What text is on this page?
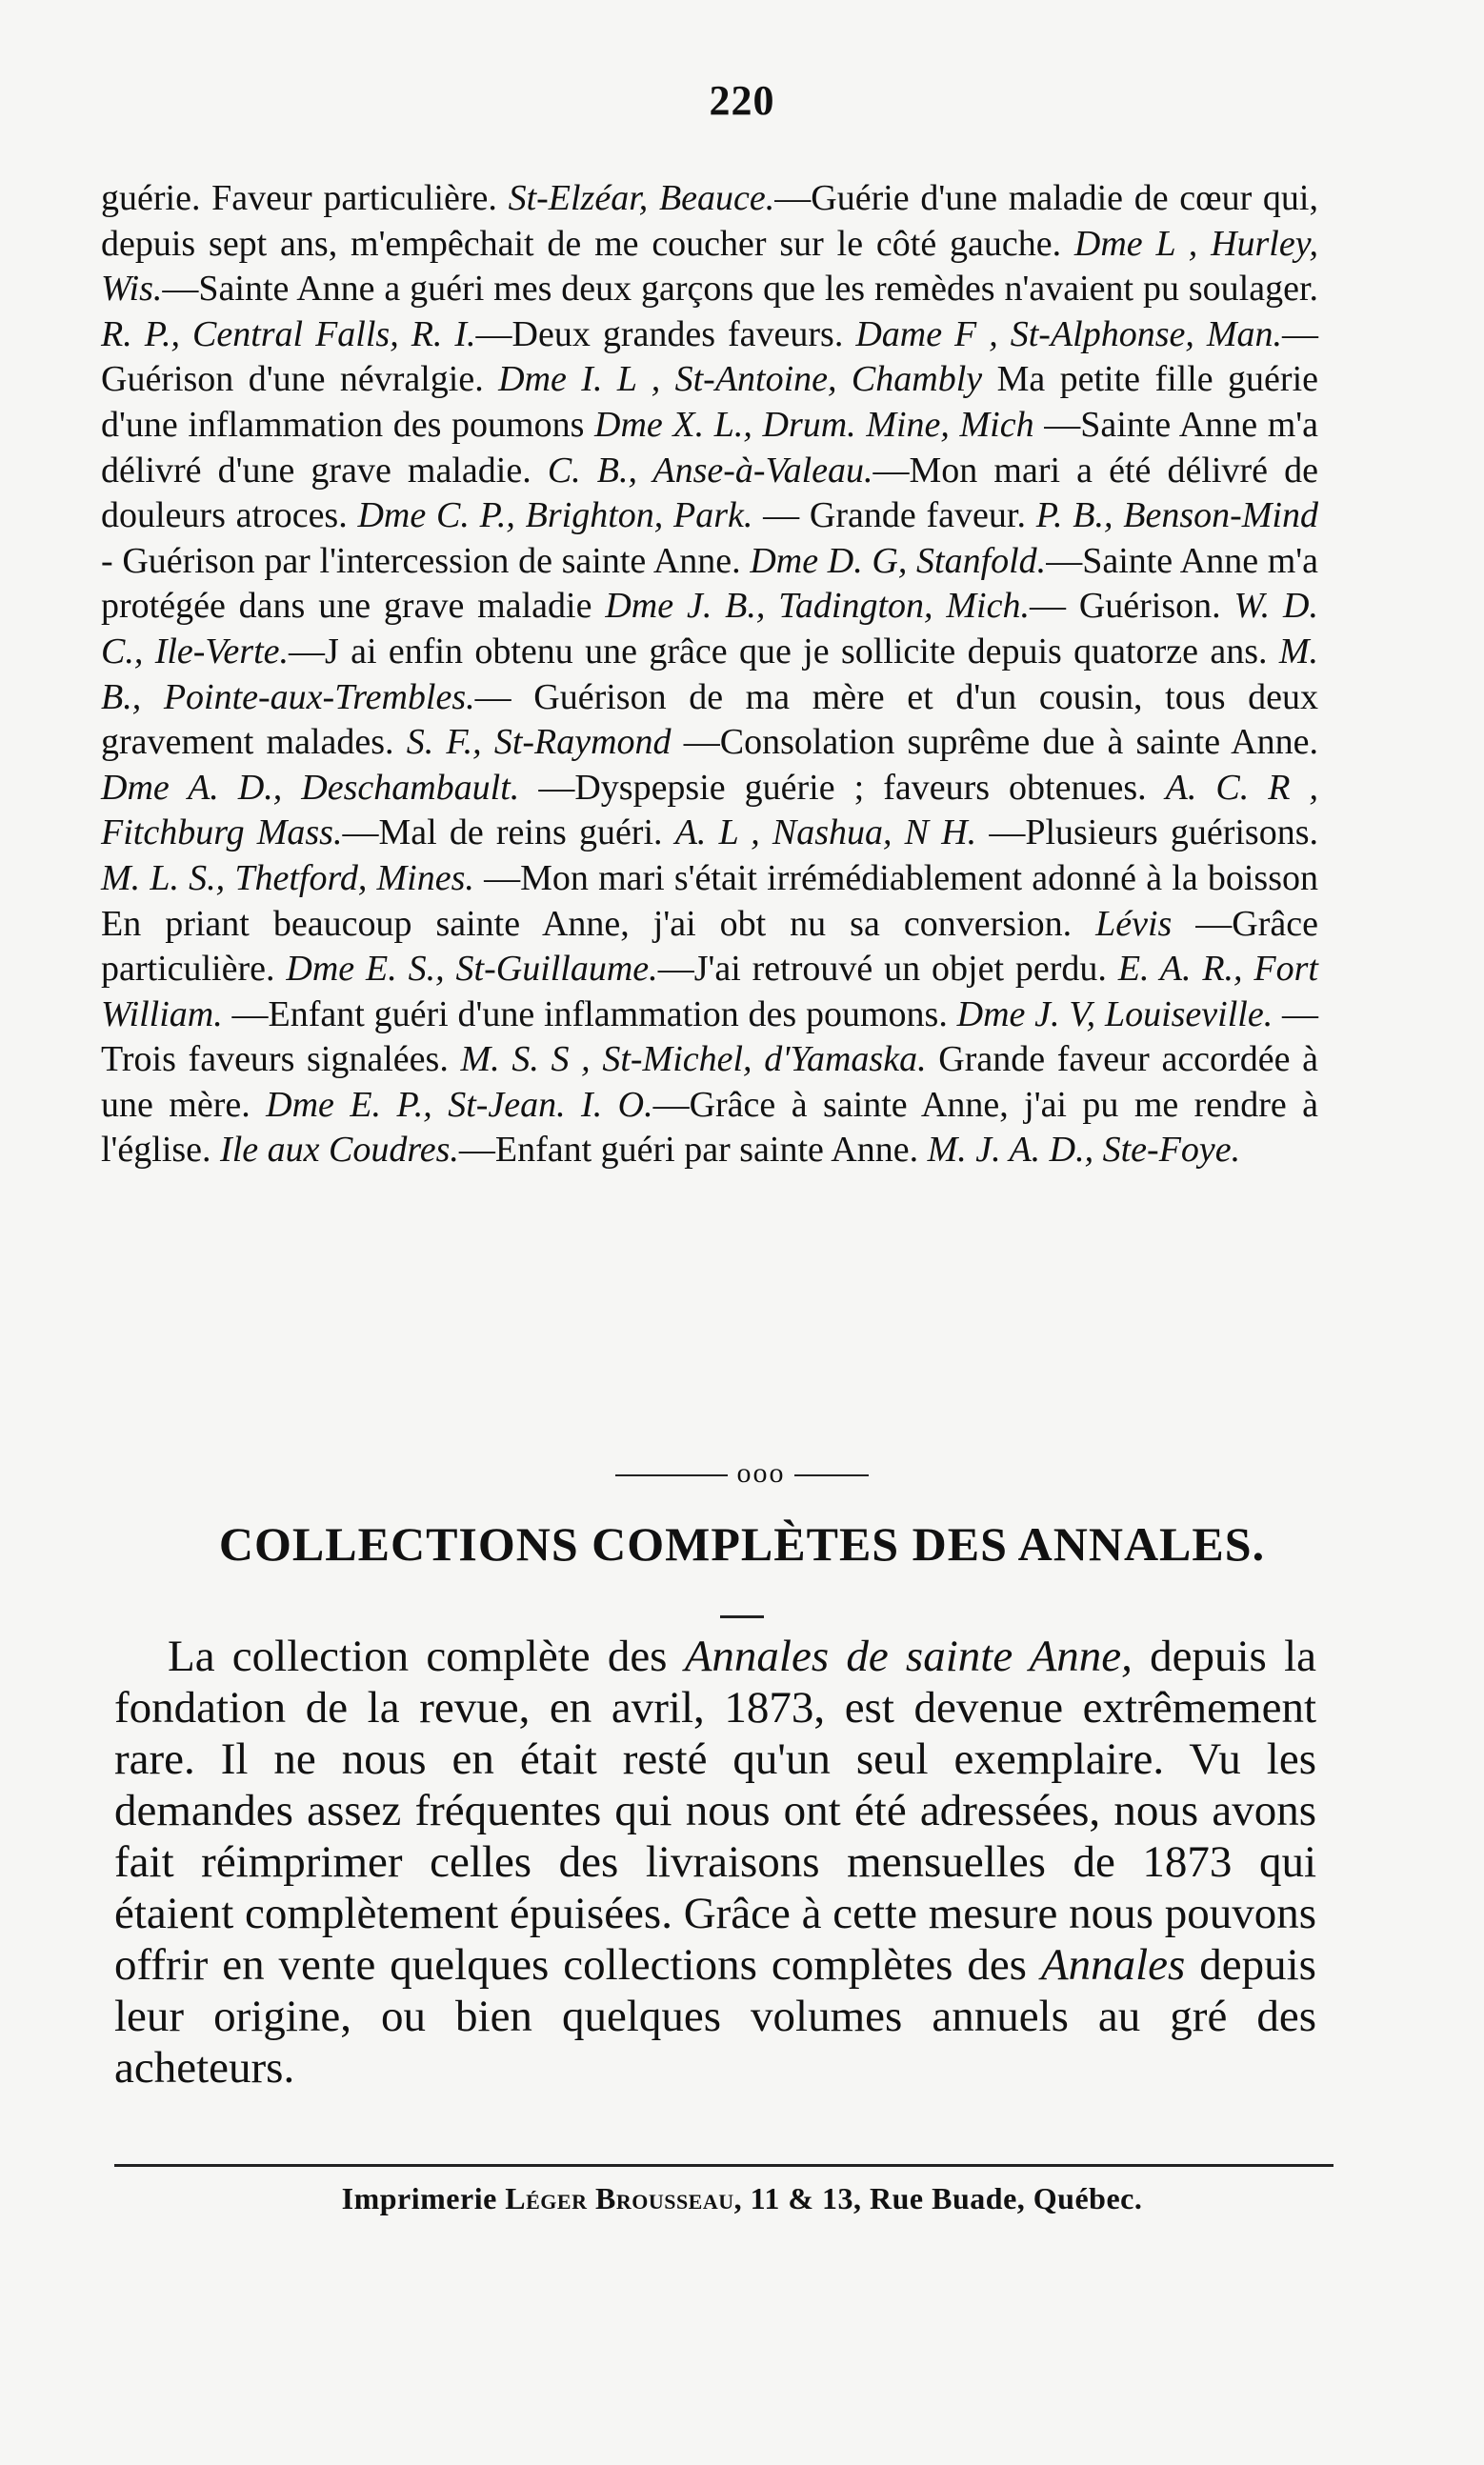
220
guérie. Faveur particulière. St-Elzéar, Beauce.—Guérie d'une maladie de cœur qui, depuis sept ans, m'empêchait de me coucher sur le côté gauche. Dme L , Hurley, Wis.—Sainte Anne a guéri mes deux garçons que les remèdes n'avaient pu soulager. R. P., Central Falls, R. I.—Deux grandes faveurs. Dame F , St-Alphonse, Man.—Guérison d'une névralgie. Dme I. L , St-Antoine, Chambly Ma petite fille guérie d'une inflammation des poumons Dme X. L., Drum. Mine, Mich —Sainte Anne m'a délivré d'une grave maladie. C. B., Anse-à-Valeau.—Mon mari a été délivré de douleurs atroces. Dme C. P., Brighton, Park. — Grande faveur. P. B., Benson-Mind - Guérison par l'intercession de sainte Anne. Dme D. G, Stanfold.—Sainte Anne m'a protégée dans une grave maladie Dme J. B., Tadington, Mich.— Guérison. W. D. C., Ile-Verte.—J ai enfin obtenu une grâce que je sollicite depuis quatorze ans. M. B., Pointe-aux-Trembles.— Guérison de ma mère et d'un cousin, tous deux gravement malades. S. F., St-Raymond —Consolation suprême due à sainte Anne. Dme A. D., Deschambault. —Dyspepsie guérie ; faveurs obtenues. A. C. R , Fitchburg Mass.—Mal de reins guéri. A. L , Nashua, N H. —Plusieurs guérisons. M. L. S., Thetford, Mines. —Mon mari s'était irrémédiablement adonné à la boisson En priant beaucoup sainte Anne, j'ai obt nu sa conversion. Lévis —Grâce particulière. Dme E. S., St-Guillaume.—J'ai retrouvé un objet perdu. E. A. R., Fort William. —Enfant guéri d'une inflammation des poumons. Dme J. V, Louiseville. —Trois faveurs signalées. M. S. S , St-Michel, d'Yamaska. Grande faveur accordée à une mère. Dme E. P., St-Jean. I. O.—Grâce à sainte Anne, j'ai pu me rendre à l'église. Ile aux Coudres.—Enfant guéri par sainte Anne. M. J. A. D., Ste-Foye.
ooo
COLLECTIONS COMPLÈTES DES ANNALES.
La collection complète des Annales de sainte Anne, depuis la fondation de la revue, en avril, 1873, est devenue extrêmement rare. Il ne nous en était resté qu'un seul exemplaire. Vu les demandes assez fréquentes qui nous ont été adressées, nous avons fait réimprimer celles des livraisons mensuelles de 1873 qui étaient complètement épuisées. Grâce à cette mesure nous pouvons offrir en vente quelques collections complètes des Annales depuis leur origine, ou bien quelques volumes annuels au gré des acheteurs.
Imprimerie Léger Brousseau, 11 & 13, Rue Buade, Québec.
